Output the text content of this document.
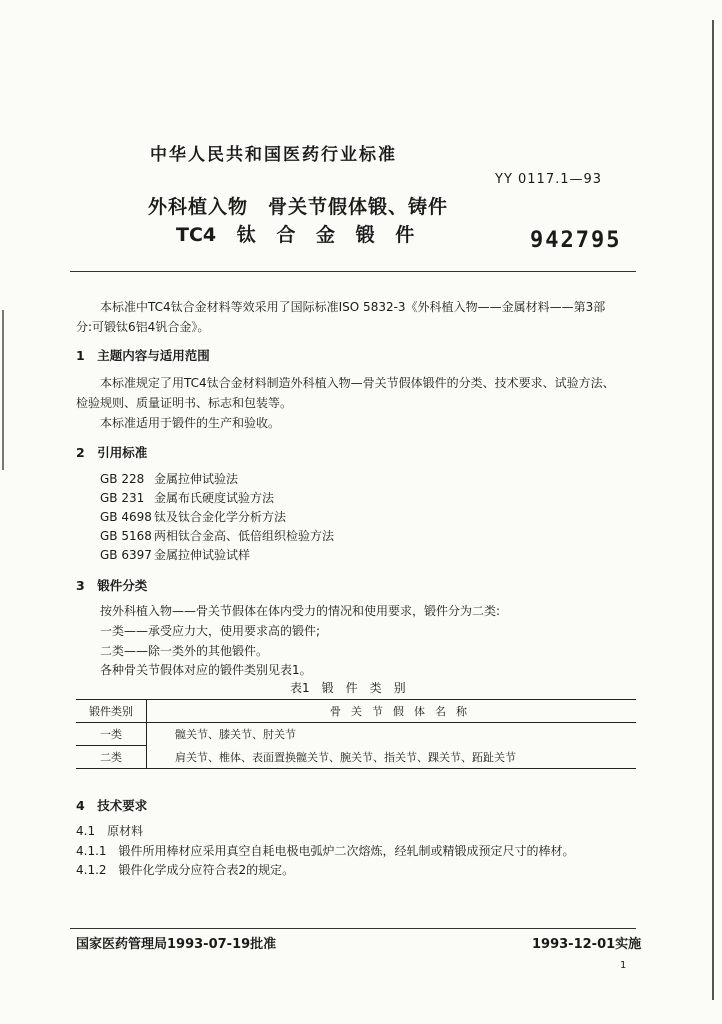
中华人民共和国医药行业标准
YY 0117.1—93
外科植入物　骨关节假体锻、铸件
TC4 钛 合 金 锻 件	942795
本标准中TC4钛合金材料等效采用了国际标准ISO 5832-3《外科植入物——金属材料——第3部
分:可锻钛6铝4钒合金》。
1　主题内容与适用范围
本标准规定了用TC4钛合金材料制造外科植入物—骨关节假体锻件的分类、技术要求、试验方法、
检验规则、质量证明书、标志和包装等。
本标准适用于锻件的生产和验收。
2　引用标准
GB 228 金属拉伸试验法
GB 231 金属布氏硬度试验方法
GB 4698 钛及钛合金化学分析方法
GB 5168 两相钛合金高、低倍组织检验方法
GB 6397 金属拉伸试验试样
3　锻件分类
按外科植入物——骨关节假体在体内受力的情况和使用要求，锻件分为二类:
一类——承受应力大，使用要求高的锻件;
二类——除一类外的其他锻件。
各种骨关节假体对应的锻件类别见表1。
表1　锻　件　类　别
锻件类别	骨关节假体名称
一类	髋关节、膝关节、肘关节
二类	肩关节、椎体、表面置换髋关节、腕关节、指关节、踝关节、跖趾关节
4　技术要求
4.1　原材料
4.1.1　锻件所用棒材应采用真空自耗电极电弧炉二次熔炼，经轧制或精锻成预定尺寸的棒材。
4.1.2　锻件化学成分应符合表2的规定。
国家医药管理局1993-07-19批准	1993-12-01实施
1
